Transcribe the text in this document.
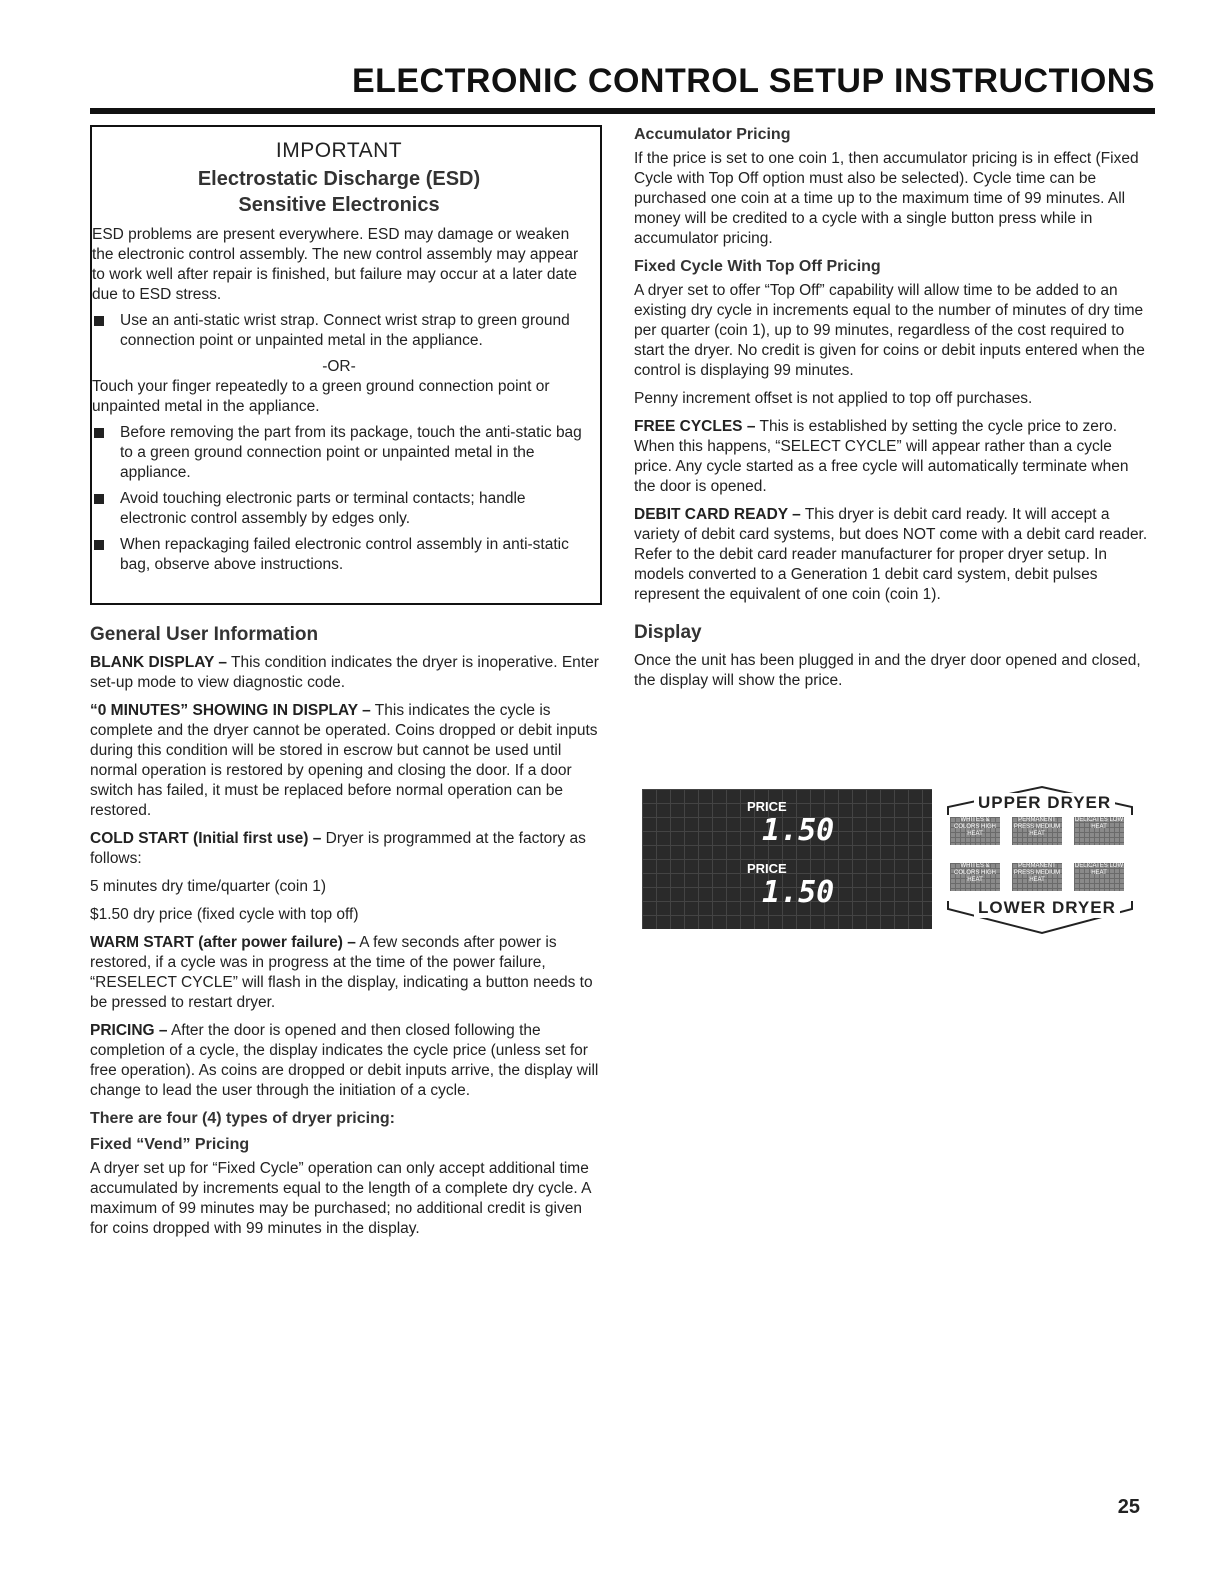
ELECTRONIC CONTROL SETUP INSTRUCTIONS
IMPORTANT
Electrostatic Discharge (ESD)
Sensitive Electronics

ESD problems are present everywhere. ESD may damage or weaken the electronic control assembly. The new control assembly may appear to work well after repair is finished, but failure may occur at a later date due to ESD stress.

Use an anti-static wrist strap. Connect wrist strap to green ground connection point or unpainted metal in the appliance.
-OR-

Touch your finger repeatedly to a green ground connection point or unpainted metal in the appliance.

Before removing the part from its package, touch the anti-static bag to a green ground connection point or unpainted metal in the appliance.
Avoid touching electronic parts or terminal contacts; handle electronic control assembly by edges only.
When repackaging failed electronic control assembly in anti-static bag, observe above instructions.
General User Information

BLANK DISPLAY – This condition indicates the dryer is inoperative. Enter set-up mode to view diagnostic code.

“0 MINUTES” SHOWING IN DISPLAY – This indicates the cycle is complete and the dryer cannot be operated. Coins dropped or debit inputs during this condition will be stored in escrow but cannot be used until normal operation is restored by opening and closing the door. If a door switch has failed, it must be replaced before normal operation can be restored.

COLD START (Initial first use) – Dryer is programmed at the factory as follows:

5 minutes dry time/quarter (coin 1)

$1.50 dry price (fixed cycle with top off)

WARM START (after power failure) – A few seconds after power is restored, if a cycle was in progress at the time of the power failure, “RESELECT CYCLE” will flash in the display, indicating a button needs to be pressed to restart dryer.

PRICING – After the door is opened and then closed following the completion of a cycle, the display indicates the cycle price (unless set for free operation). As coins are dropped or debit inputs arrive, the display will change to lead the user through the initiation of a cycle.

There are four (4) types of dryer pricing:
Fixed “Vend” Pricing

A dryer set up for “Fixed Cycle” operation can only accept additional time accumulated by increments equal to the length of a complete dry cycle. A maximum of 99 minutes may be purchased; no additional credit is given for coins dropped with 99 minutes in the display.

Accumulator Pricing

If the price is set to one coin 1, then accumulator pricing is in effect (Fixed Cycle with Top Off option must also be selected). Cycle time can be purchased one coin at a time up to the maximum time of 99 minutes. All money will be credited to a cycle with a single button press while in accumulator pricing.

Fixed Cycle With Top Off Pricing

A dryer set to offer “Top Off” capability will allow time to be added to an existing dry cycle in increments equal to the number of minutes of dry time per quarter (coin 1), up to 99 minutes, regardless of the cost required to start the dryer. No credit is given for coins or debit inputs entered when the control is displaying 99 minutes.

Penny increment offset is not applied to top off purchases.

FREE CYCLES – This is established by setting the cycle price to zero. When this happens, “SELECT CYCLE” will appear rather than a cycle price. Any cycle started as a free cycle will automatically terminate when the door is opened.

DEBIT CARD READY – This dryer is debit card ready. It will accept a variety of debit card systems, but does NOT come with a debit card reader. Refer to the debit card reader manufacturer for proper dryer setup. In models converted to a Generation 1 debit card system, debit pulses represent the equivalent of one coin (coin 1).

Display

Once the unit has been plugged in and the dryer door opened and closed, the display will show the price.

PRICE
1.50
PRICE
1.50
UPPER DRYER
WHITES & COLORS HIGH HEAT
PERMANENT PRESS MEDIUM HEAT
DELICATES LOW HEAT
WHITES & COLORS HIGH HEAT
PERMANENT PRESS MEDIUM HEAT
DELICATES LOW HEAT
LOWER DRYER
25
